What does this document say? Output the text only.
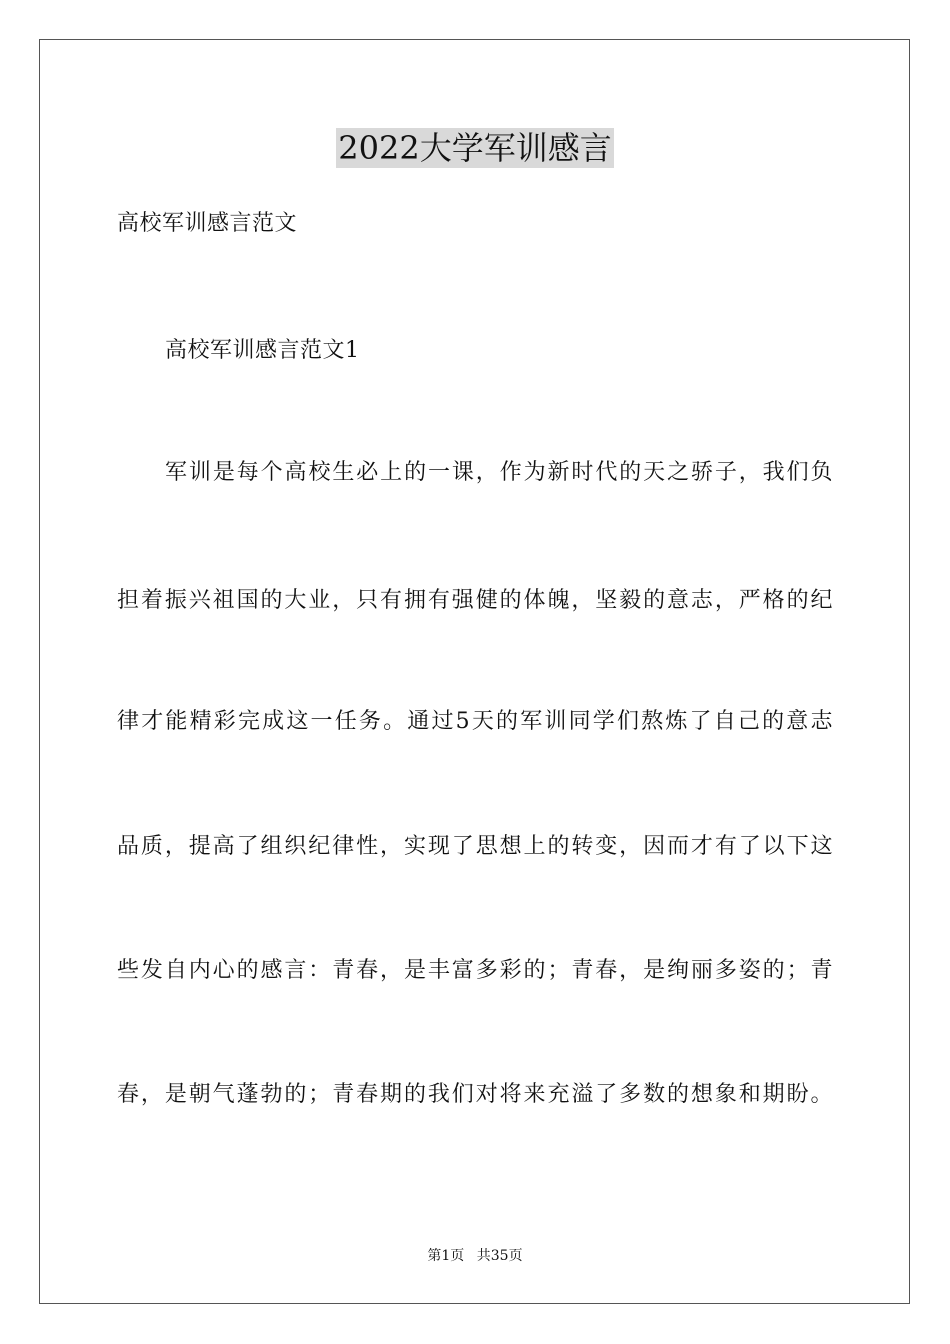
2022大学军训感言
高校军训感言范文
高校军训感言范文1
军训是每个高校生必上的一课，作为新时代的天之骄子，我们负
担着振兴祖国的大业，只有拥有强健的体魄，坚毅的意志，严格的纪
律才能精彩完成这一任务。通过5天的军训同学们熬炼了自己的意志
品质，提高了组织纪律性，实现了思想上的转变，因而才有了以下这
些发自内心的感言：青春，是丰富多彩的；青春，是绚丽多姿的；青
春，是朝气蓬勃的；青春期的我们对将来充溢了多数的想象和期盼。
第1页 共35页
